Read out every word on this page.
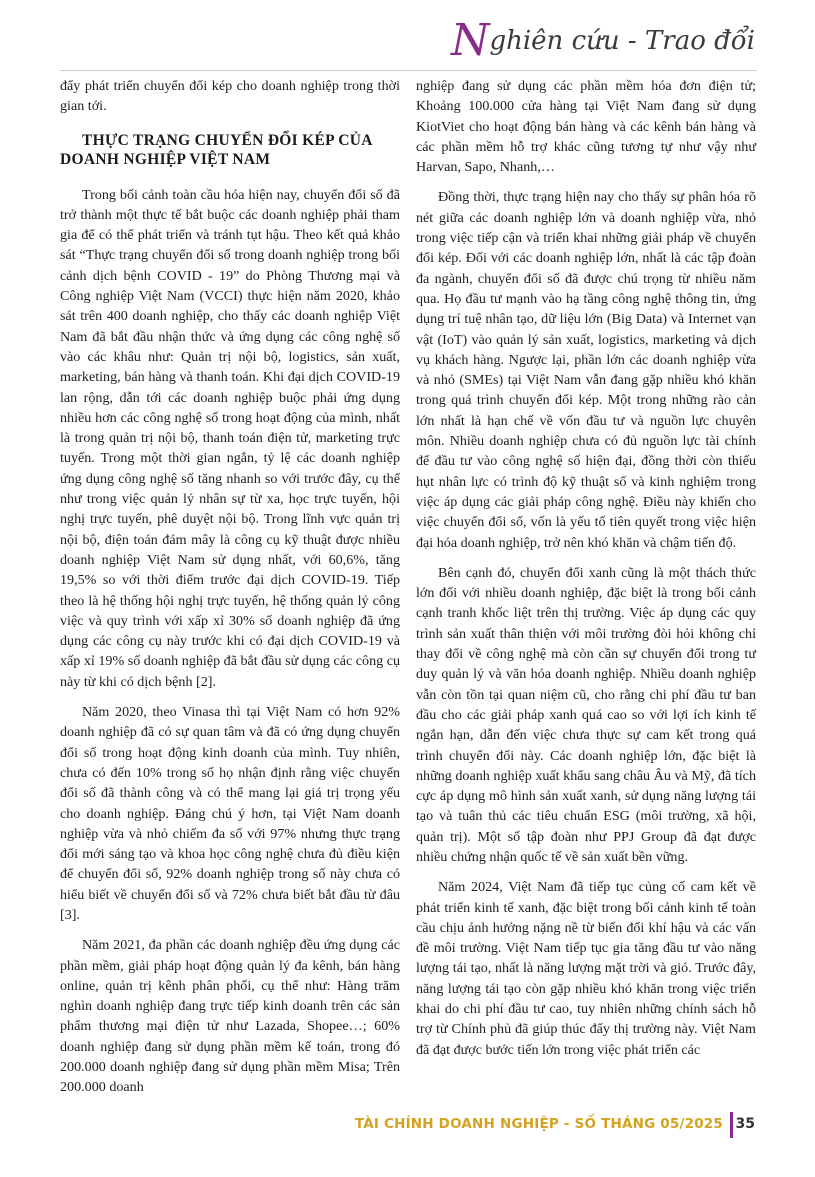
Nghiên cứu - Trao đổi

đẩy phát triển chuyển đổi kép cho doanh nghiệp trong thời gian tới.

THỰC TRẠNG CHUYỂN ĐỔI KÉP CỦA DOANH NGHIỆP VIỆT NAM

Trong bối cảnh toàn cầu hóa hiện nay, chuyển đổi số đã trở thành một thực tế bắt buộc các doanh nghiệp phải tham gia để có thể phát triển và tránh tụt hậu. Theo kết quả khảo sát “Thực trạng chuyển đổi số trong doanh nghiệp trong bối cảnh dịch bệnh COVID - 19” do Phòng Thương mại và Công nghiệp Việt Nam (VCCI) thực hiện năm 2020, khảo sát trên 400 doanh nghiệp, cho thấy các doanh nghiệp Việt Nam đã bắt đầu nhận thức và ứng dụng các công nghệ số vào các khâu như: Quản trị nội bộ, logistics, sản xuất, marketing, bán hàng và thanh toán. Khi đại dịch COVID-19 lan rộng, dẫn tới các doanh nghiệp buộc phải ứng dụng nhiều hơn các công nghệ số trong hoạt động của mình, nhất là trong quản trị nội bộ, thanh toán điện tử, marketing trực tuyến. Trong một thời gian ngắn, tỷ lệ các doanh nghiệp ứng dụng công nghệ số tăng nhanh so với trước đây, cụ thể như trong việc quản lý nhân sự từ xa, học trực tuyến, hội nghị trực tuyến, phê duyệt nội bộ. Trong lĩnh vực quản trị nội bộ, điện toán đám mây là công cụ kỹ thuật được nhiều doanh nghiệp Việt Nam sử dụng nhất, với 60,6%, tăng 19,5% so với thời điểm trước đại dịch COVID-19. Tiếp theo là hệ thống hội nghị trực tuyến, hệ thống quản lý công việc và quy trình với xấp xỉ 30% số doanh nghiệp đã ứng dụng các công cụ này trước khi có đại dịch COVID-19 và xấp xỉ 19% số doanh nghiệp đã bắt đầu sử dụng các công cụ này từ khi có dịch bệnh [2].

Năm 2020, theo Vinasa thì tại Việt Nam có hơn 92% doanh nghiệp đã có sự quan tâm và đã có ứng dụng chuyển đổi số trong hoạt động kinh doanh của mình. Tuy nhiên, chưa có đến 10% trong số họ nhận định rằng việc chuyển đổi số đã thành công và có thể mang lại giá trị trọng yếu cho doanh nghiệp. Đáng chú ý hơn, tại Việt Nam doanh nghiệp vừa và nhỏ chiếm đa số với 97% nhưng thực trạng đổi mới sáng tạo và khoa học công nghệ chưa đủ điều kiện để chuyển đổi số, 92% doanh nghiệp trong số này chưa có hiểu biết về chuyển đổi số và 72% chưa biết bắt đầu từ đâu [3].

Năm 2021, đa phần các doanh nghiệp đều ứng dụng các phần mềm, giải pháp hoạt động quản lý đa kênh, bán hàng online, quản trị kênh phân phối, cụ thể như: Hàng trăm nghìn doanh nghiệp đang trực tiếp kinh doanh trên các sản phẩm thương mại điện tử như Lazada, Shopee…; 60% doanh nghiệp đang sử dụng phần mềm kế toán, trong đó 200.000 doanh nghiệp đang sử dụng phần mềm Misa; Trên 200.000 doanh

nghiệp đang sử dụng các phần mềm hóa đơn điện tử; Khoảng 100.000 cửa hàng tại Việt Nam đang sử dụng KiotViet cho hoạt động bán hàng và các kênh bán hàng và các phần mềm hỗ trợ khác cũng tương tự như vậy như Harvan, Sapo, Nhanh,…

Đồng thời, thực trạng hiện nay cho thấy sự phân hóa rõ nét giữa các doanh nghiệp lớn và doanh nghiệp vừa, nhỏ trong việc tiếp cận và triển khai những giải pháp về chuyển đổi kép. Đối với các doanh nghiệp lớn, nhất là các tập đoàn đa ngành, chuyển đổi số đã được chú trọng từ nhiều năm qua. Họ đầu tư mạnh vào hạ tầng công nghệ thông tin, ứng dụng trí tuệ nhân tạo, dữ liệu lớn (Big Data) và Internet vạn vật (IoT) vào quản lý sản xuất, logistics, marketing và dịch vụ khách hàng. Ngược lại, phần lớn các doanh nghiệp vừa và nhỏ (SMEs) tại Việt Nam vẫn đang gặp nhiều khó khăn trong quá trình chuyển đổi kép. Một trong những rào cản lớn nhất là hạn chế về vốn đầu tư và nguồn lực chuyên môn. Nhiều doanh nghiệp chưa có đủ nguồn lực tài chính để đầu tư vào công nghệ số hiện đại, đồng thời còn thiếu hụt nhân lực có trình độ kỹ thuật số và kinh nghiệm trong việc áp dụng các giải pháp công nghệ. Điều này khiến cho việc chuyển đổi số, vốn là yếu tố tiên quyết trong việc hiện đại hóa doanh nghiệp, trở nên khó khăn và chậm tiến độ.

Bên cạnh đó, chuyển đổi xanh cũng là một thách thức lớn đối với nhiều doanh nghiệp, đặc biệt là trong bối cảnh cạnh tranh khốc liệt trên thị trường. Việc áp dụng các quy trình sản xuất thân thiện với môi trường đòi hỏi không chỉ thay đổi về công nghệ mà còn cần sự chuyển đổi trong tư duy quản lý và văn hóa doanh nghiệp. Nhiều doanh nghiệp vẫn còn tồn tại quan niệm cũ, cho rằng chi phí đầu tư ban đầu cho các giải pháp xanh quá cao so với lợi ích kinh tế ngắn hạn, dẫn đến việc chưa thực sự cam kết trong quá trình chuyển đổi này. Các doanh nghiệp lớn, đặc biệt là những doanh nghiệp xuất khẩu sang châu Âu và Mỹ, đã tích cực áp dụng mô hình sản xuất xanh, sử dụng năng lượng tái tạo và tuân thủ các tiêu chuẩn ESG (môi trường, xã hội, quản trị). Một số tập đoàn như PPJ Group đã đạt được nhiều chứng nhận quốc tế về sản xuất bền vững.

Năm 2024, Việt Nam đã tiếp tục củng cố cam kết về phát triển kinh tế xanh, đặc biệt trong bối cảnh kinh tế toàn cầu chịu ảnh hưởng nặng nề từ biến đổi khí hậu và các vấn đề môi trường. Việt Nam tiếp tục gia tăng đầu tư vào năng lượng tái tạo, nhất là năng lượng mặt trời và gió. Trước đây, năng lượng tái tạo còn gặp nhiều khó khăn trong việc triển khai do chi phí đầu tư cao, tuy nhiên những chính sách hỗ trợ từ Chính phủ đã giúp thúc đẩy thị trường này. Việt Nam đã đạt được bước tiến lớn trong việc phát triển các

TÀI CHÍNH DOANH NGHIỆP - SỐ THÁNG 05/2025 35
